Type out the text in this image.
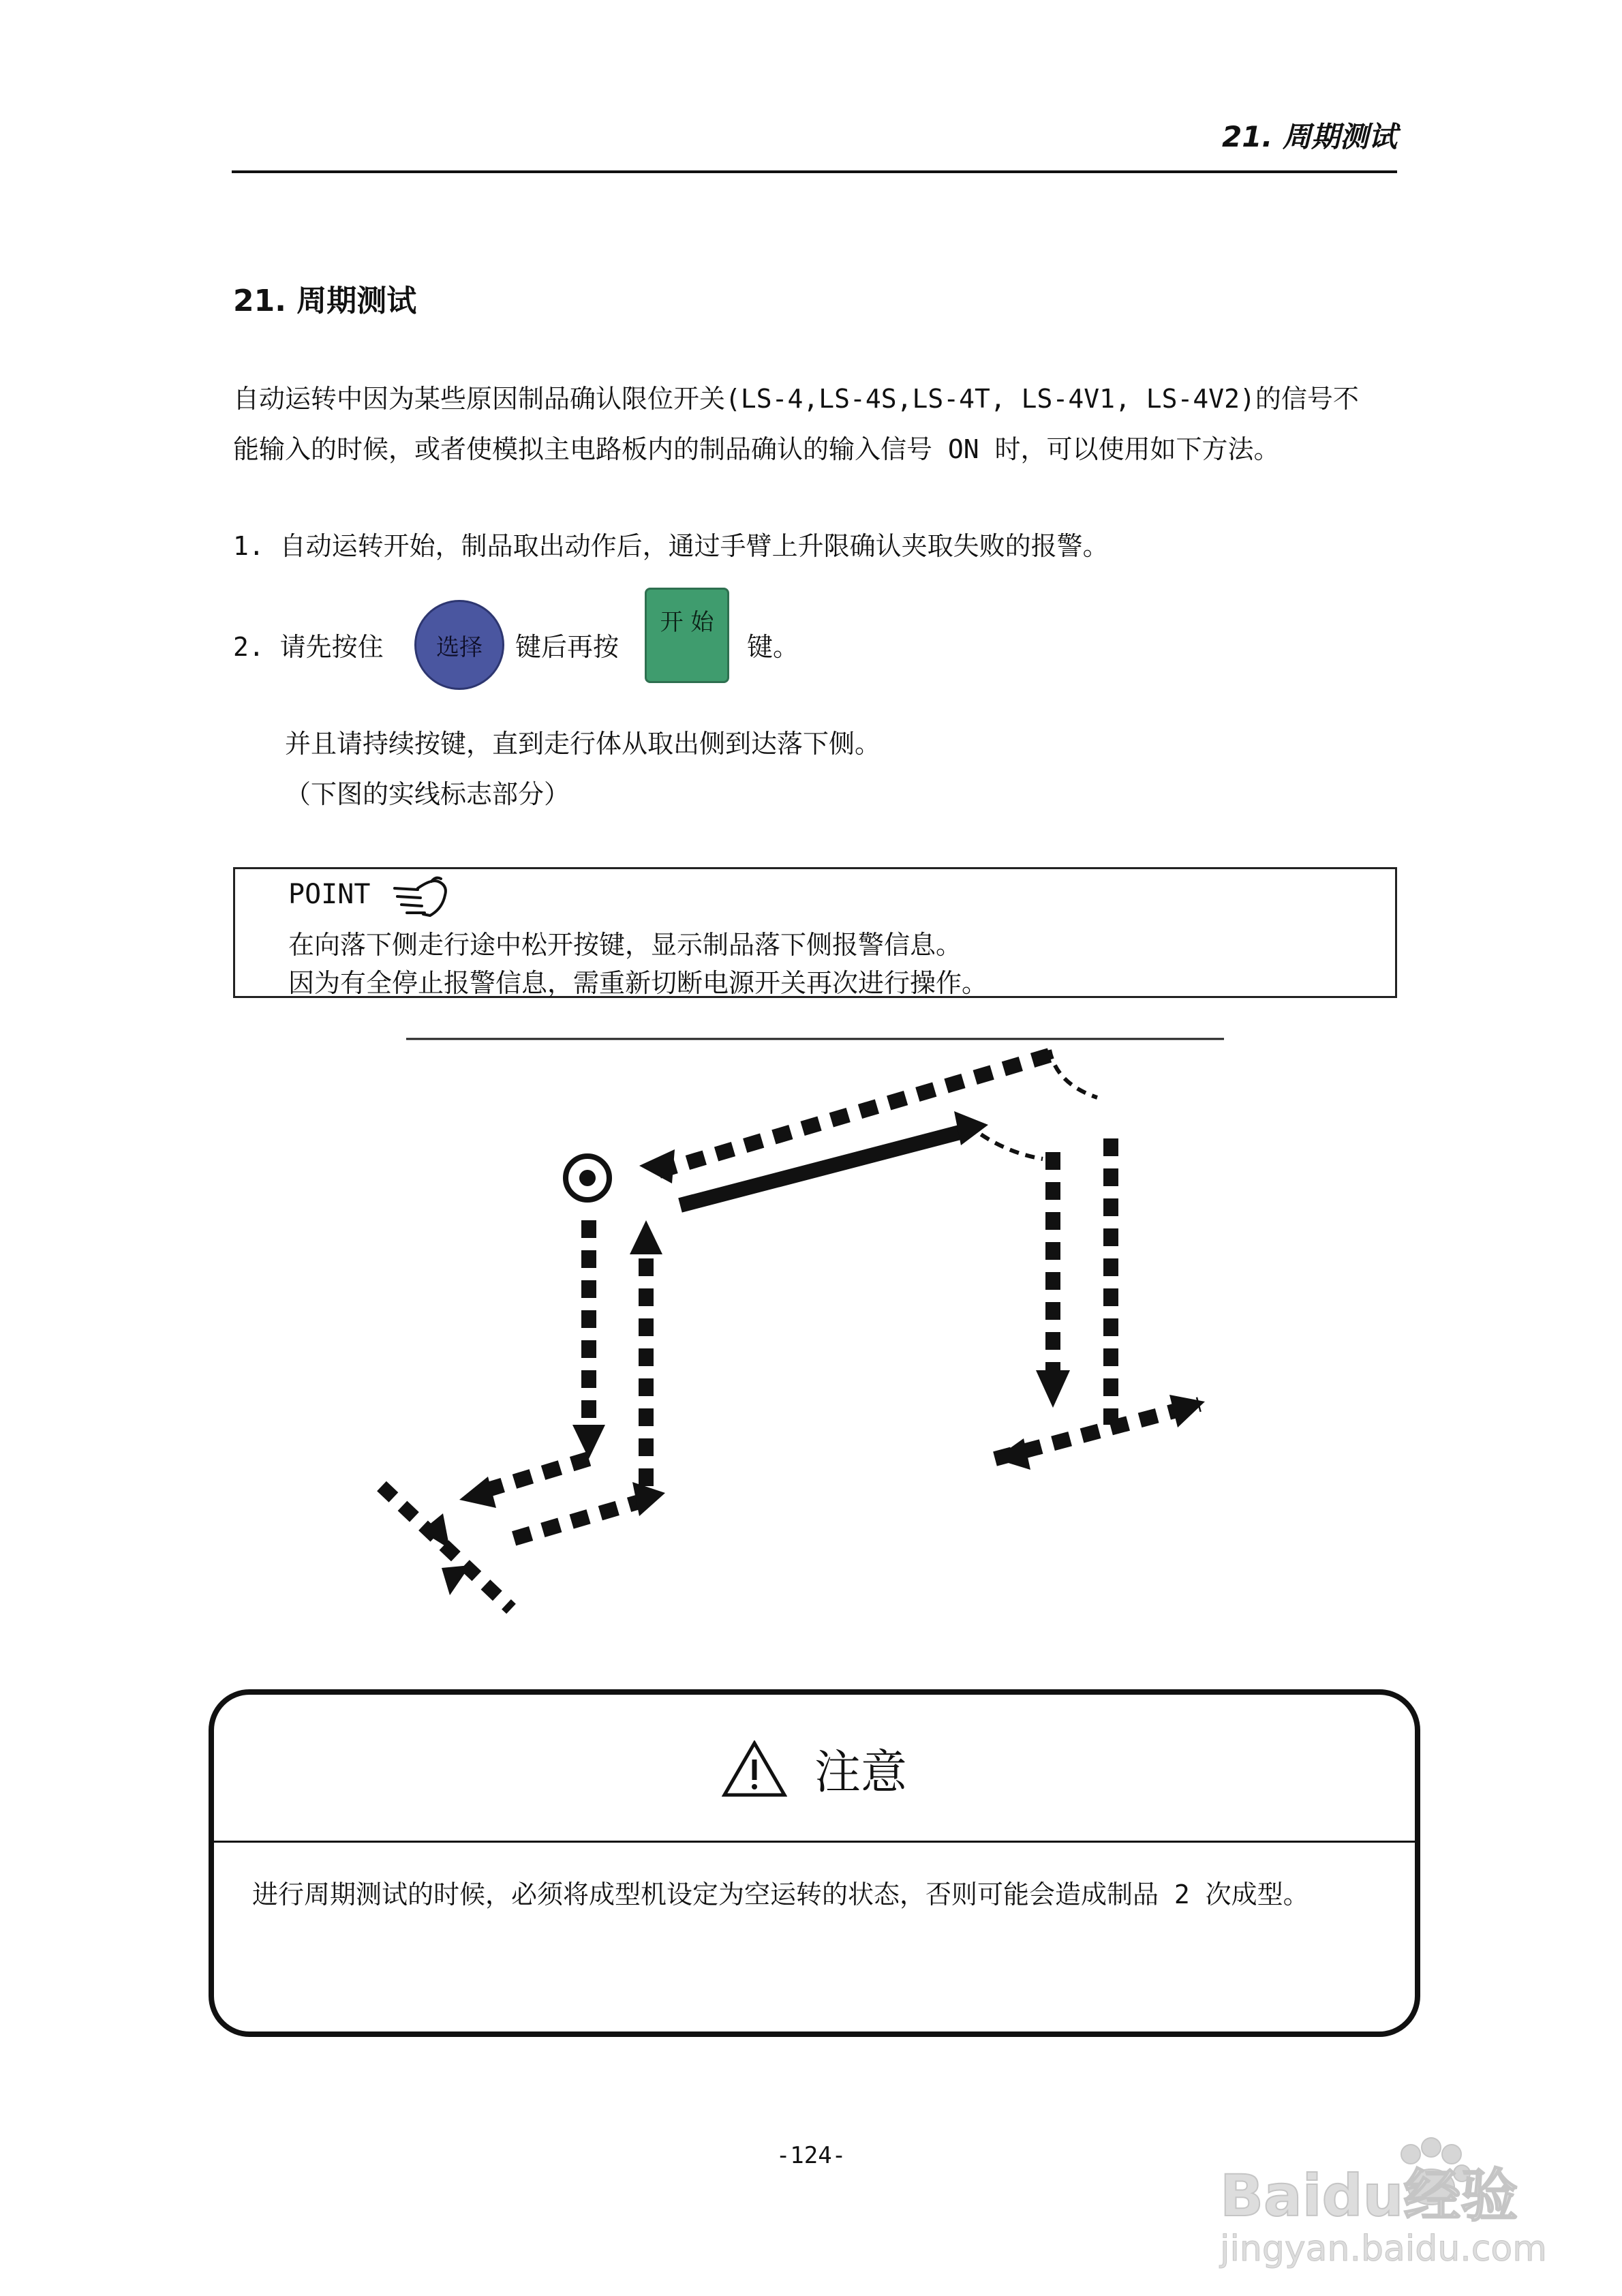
21. 周期测试
21. 周期测试
自动运转中因为某些原因制品确认限位开关(LS-4,LS-4S,LS-4T, LS-4V1, LS-4V2)的信号不
能输入的时候，或者使模拟主电路板内的制品确认的输入信号 ON 时，可以使用如下方法。
1. 自动运转开始，制品取出动作后，通过手臂上升限确认夹取失败的报警。
2. 请先按住 选择 键后再按
开 始
键。
并且请持续按键，直到走行体从取出侧到达落下侧。
（下图的实线标志部分）
POINT
在向落下侧走行途中松开按键，显示制品落下侧报警信息。
因为有全停止报警信息，需重新切断电源开关再次进行操作。
注意
进行周期测试的时候，必须将成型机设定为空运转的状态，否则可能会造成制品 2 次成型。
-124-
Baidu经验
jingyan.baidu.com
